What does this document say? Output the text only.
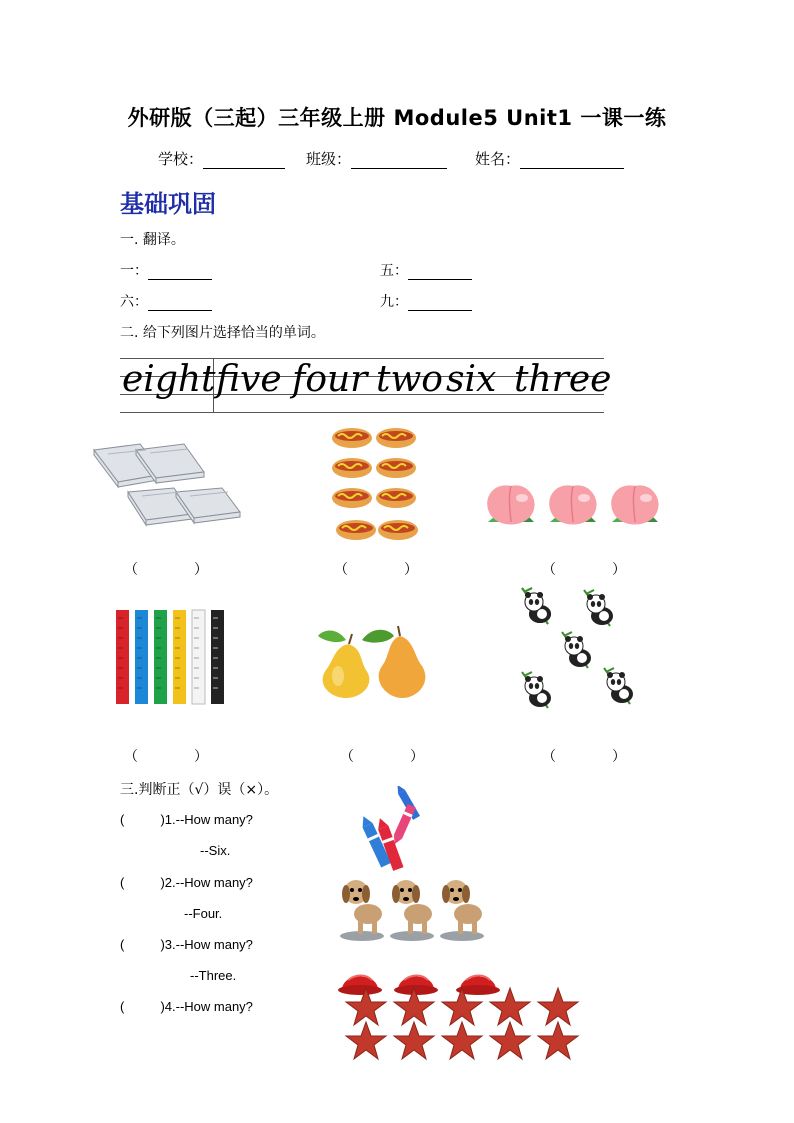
外研版（三起）三年级上册 Module5 Unit1 一课一练
学校：	班级：	姓名：
基础巩固
一. 翻译。
一：	五：
六：	九：
二. 给下列图片选择恰当的单词。
eight five four two six three
（　　　　）	（　　　　）	（　　　　）
（　　　　）	（　　　　）	（　　　　）
三.判断正（√）误（×）。
(          )1.--How many?
--Six.
(          )2.--How many?
--Four.
(          )3.--How many?
--Three.
(          )4.--How many?
